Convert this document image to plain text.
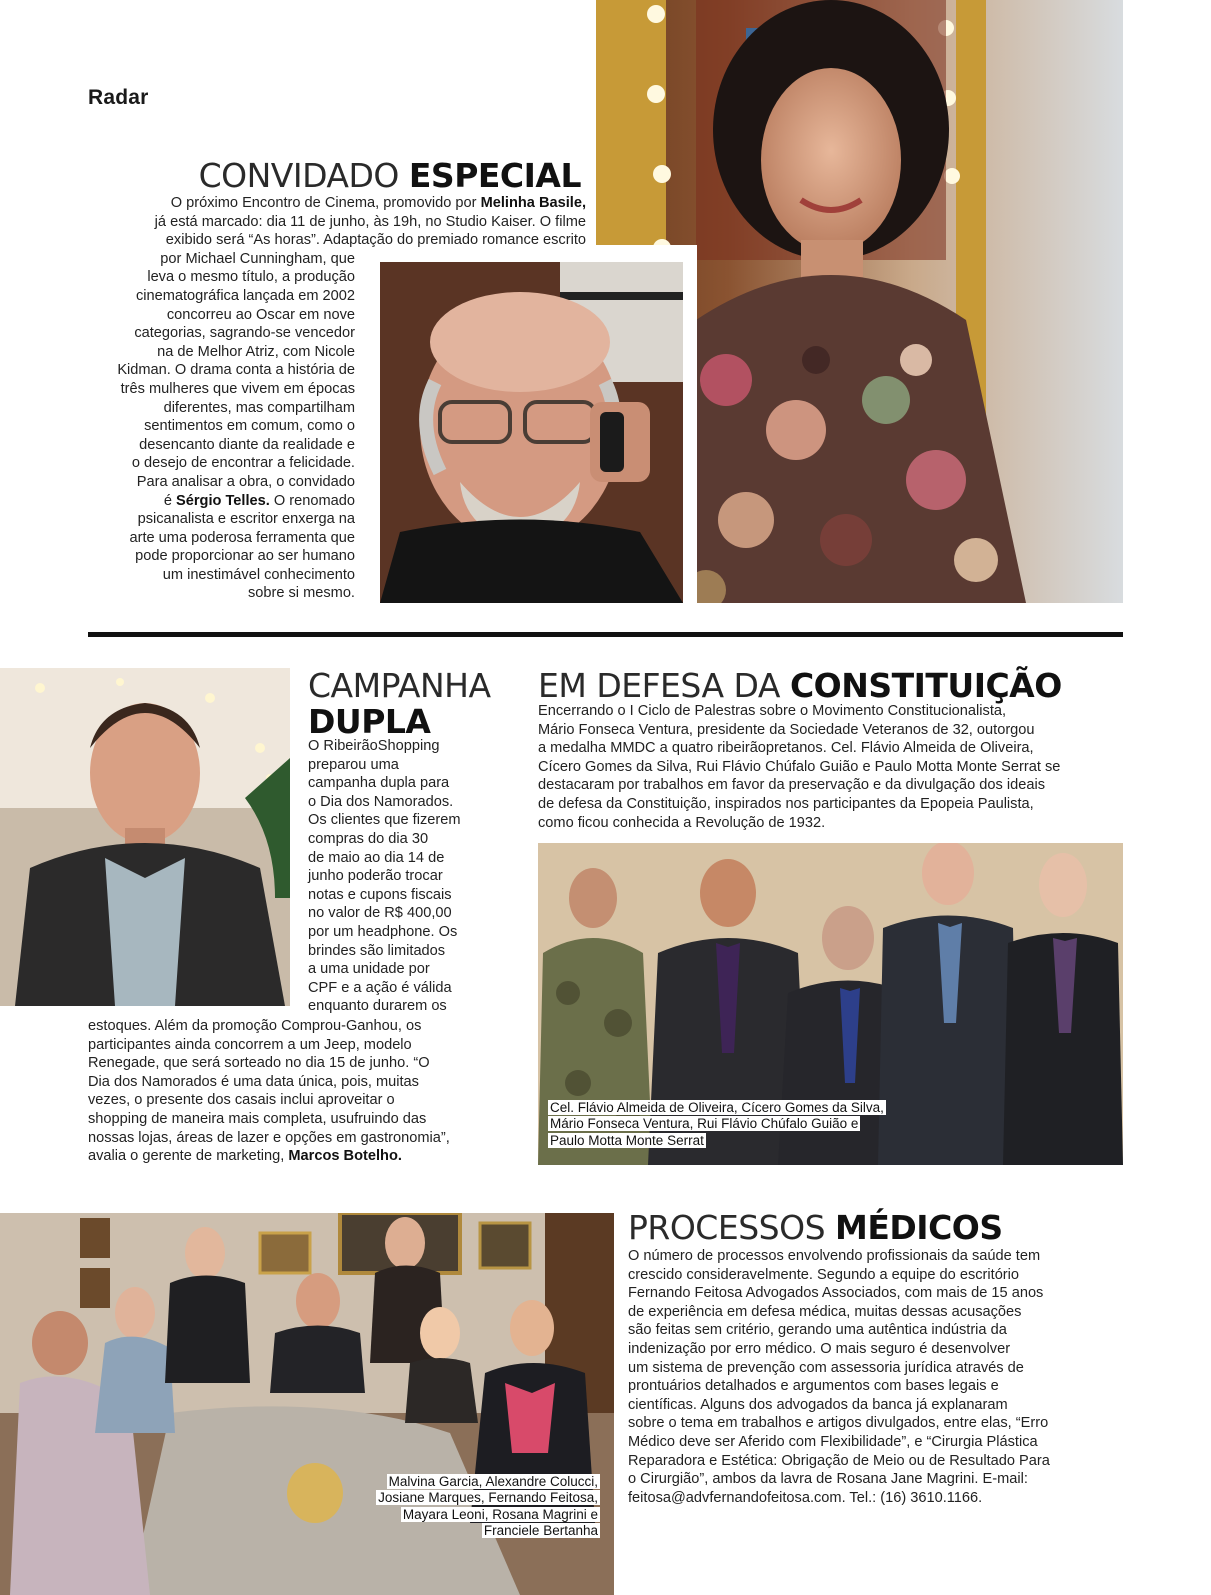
Radar
CONVIDADO ESPECIAL
O próximo Encontro de Cinema, promovido por Melinha Basile,
já está marcado: dia 11 de junho, às 19h, no Studio Kaiser. O filme
exibido será “As horas”. Adaptação do premiado romance escrito
por Michael Cunningham, que
leva o mesmo título, a produção
cinematográfica lançada em 2002
concorreu ao Oscar em nove
categorias, sagrando-se vencedor
na de Melhor Atriz, com Nicole
Kidman. O drama conta a história de
três mulheres que vivem em épocas
diferentes, mas compartilham
sentimentos em comum, como o
desencanto diante da realidade e
o desejo de encontrar a felicidade.
Para analisar a obra, o convidado
é Sérgio Telles. O renomado
psicanalista e escritor enxerga na
arte uma poderosa ferramenta que
pode proporcionar ao ser humano
um inestimável conhecimento
sobre si mesmo.
CAMPANHA
DUPLA
O RibeirãoShopping
preparou uma
campanha dupla para
o Dia dos Namorados.
Os clientes que fizerem
compras do dia 30
de maio ao dia 14 de
junho poderão trocar
notas e cupons fiscais
no valor de R$ 400,00
por um headphone. Os
brindes são limitados
a uma unidade por
CPF e a ação é válida
enquanto durarem os
estoques. Além da promoção Comprou-Ganhou, os
participantes ainda concorrem a um Jeep, modelo
Renegade, que será sorteado no dia 15 de junho. “O
Dia dos Namorados é uma data única, pois, muitas
vezes, o presente dos casais inclui aproveitar o
shopping de maneira mais completa, usufruindo das
nossas lojas, áreas de lazer e opções em gastronomia”,
avalia o gerente de marketing, Marcos Botelho.
EM DEFESA DA CONSTITUIÇÃO
Encerrando o I Ciclo de Palestras sobre o Movimento Constitucionalista,
Mário Fonseca Ventura, presidente da Sociedade Veteranos de 32, outorgou
a medalha MMDC a quatro ribeirãopretanos. Cel. Flávio Almeida de Oliveira,
Cícero Gomes da Silva, Rui Flávio Chúfalo Guião e Paulo Motta Monte Serrat se
destacaram por trabalhos em favor da preservação e da divulgação dos ideais
de defesa da Constituição, inspirados nos participantes da Epopeia Paulista,
como ficou conhecida a Revolução de 1932.
Cel. Flávio Almeida de Oliveira, Cícero Gomes da Silva,
Mário Fonseca Ventura, Rui Flávio Chúfalo Guião e
Paulo Motta Monte Serrat
Malvina Garcia, Alexandre Colucci,
Josiane Marques, Fernando Feitosa,
Mayara Leoni, Rosana Magrini e
Franciele Bertanha
PROCESSOS MÉDICOS
O número de processos envolvendo profissionais da saúde tem
crescido consideravelmente. Segundo a equipe do escritório
Fernando Feitosa Advogados Associados, com mais de 15 anos
de experiência em defesa médica, muitas dessas acusações
são feitas sem critério, gerando uma autêntica indústria da
indenização por erro médico. O mais seguro é desenvolver
um sistema de prevenção com assessoria jurídica através de
prontuários detalhados e argumentos com bases legais e
científicas. Alguns dos advogados da banca já explanaram
sobre o tema em trabalhos e artigos divulgados, entre elas, “Erro
Médico deve ser Aferido com Flexibilidade”, e “Cirurgia Plástica
Reparadora e Estética: Obrigação de Meio ou de Resultado Para
o Cirurgião”, ambos da lavra de Rosana Jane Magrini. E-mail:
feitosa@advfernandofeitosa.com. Tel.: (16) 3610.1166.
